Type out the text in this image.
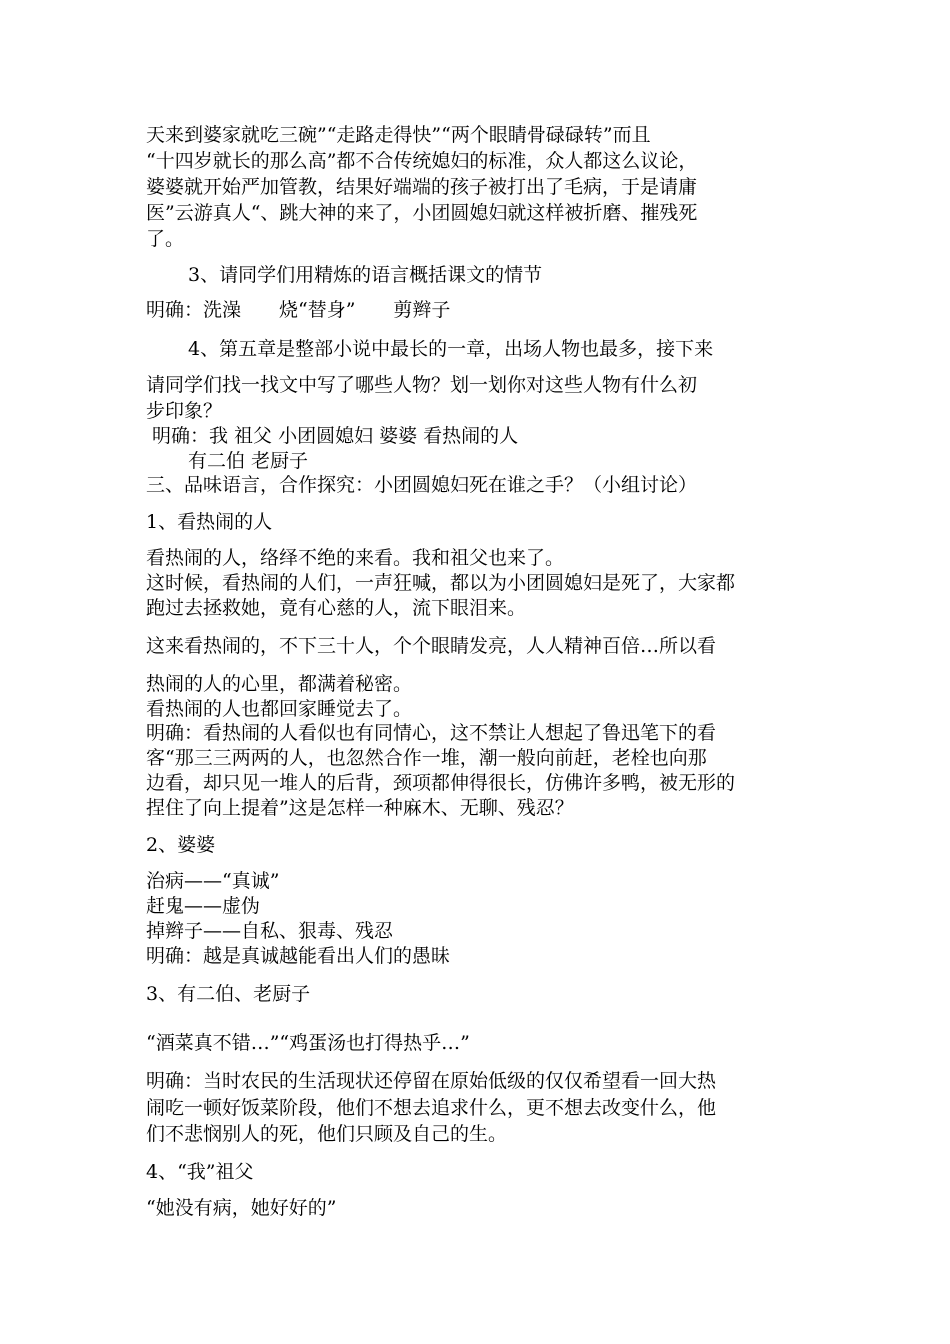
天来到婆家就吃三碗”“走路走得快”“两个眼睛骨碌碌转”而且
“十四岁就长的那么高”都不合传统媳妇的标准，众人都这么议论，
婆婆就开始严加管教，结果好端端的孩子被打出了毛病，于是请庸
医”云游真人“、跳大神的来了，小团圆媳妇就这样被折磨、摧残死
了。
3、请同学们用精炼的语言概括课文的情节
明确：洗澡　　烧“替身”　　剪辫子
4、第五章是整部小说中最长的一章，出场人物也最多，接下来
请同学们找一找文中写了哪些人物？划一划你对这些人物有什么初
步印象？
明确：我 祖父 小团圆媳妇 婆婆 看热闹的人
有二伯 老厨子
三、品味语言，合作探究：小团圆媳妇死在谁之手？（小组讨论）
1、看热闹的人
看热闹的人，络绎不绝的来看。我和祖父也来了。
这时候，看热闹的人们，一声狂喊，都以为小团圆媳妇是死了，大家都
跑过去拯救她，竟有心慈的人，流下眼泪来。
这来看热闹的，不下三十人，个个眼睛发亮，人人精神百倍…所以看
热闹的人的心里，都满着秘密。
看热闹的人也都回家睡觉去了。
明确：看热闹的人看似也有同情心，这不禁让人想起了鲁迅笔下的看
客“那三三两两的人，也忽然合作一堆，潮一般向前赶，老栓也向那
边看，却只见一堆人的后背，颈项都伸得很长，仿佛许多鸭，被无形的
捏住了向上提着”这是怎样一种麻木、无聊、残忍？
2、婆婆
治病——“真诚”
赶鬼——虚伪
掉辫子——自私、狠毒、残忍
明确：越是真诚越能看出人们的愚昧
3、有二伯、老厨子
“酒菜真不错…”“鸡蛋汤也打得热乎…”
明确：当时农民的生活现状还停留在原始低级的仅仅希望看一回大热
闹吃一顿好饭菜阶段，他们不想去追求什么，更不想去改变什么，他
们不悲悯别人的死，他们只顾及自己的生。
4、“我”祖父
“她没有病，她好好的”
